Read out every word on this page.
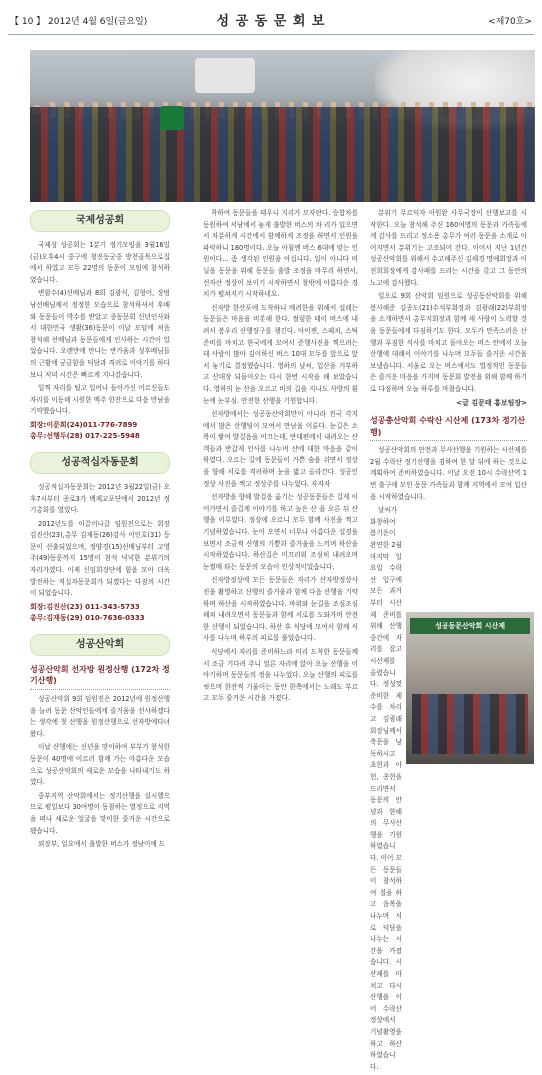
【 10 】 2012년 4월 6일(금요일)	성 공 동 문 회 보	<제70호>
국제성공회

국제성 성공회는 1분기 정기모임을 3월16일(금)오후4시 중구에 청진동궁중 방천골목으로집에서 하였고 모두 22명의 동문이 모임에 참석하였습니다.

변함수(4)선배님과 8회 김광식, 김형어, 장범남선배님께서 정정한 모습으로 참석하셔서 후배와 동문들이 박수를 받았고 종동문회 신년인사와서 대한민국 생활(36)동문이 이날 모임에 처음 참석해 선배님과 동문들에게 인사하는 시간이 있었습니다. 오랜만에 만나는 반가움과 성후배님들의 근황에 궁금함을 덕담과 격려로 이야기를 하다보니 저녁 시간은 빠르게 지나갔습니다.

일찍 자리를 털고 일어나 돌아가신 어르신들도 자리를 이동해 시원한 맥주 한잔으로 다음 만남을 기약했습니다.

회장:이문희(24)011-776-7899
총무:선행두(28) 017-225-5948
성공적십자동문회

성공적십자동문회는 2012년 3월22일(금) 오후7시부터 종로3가 백제교포단에서 2012년 정기총회를 열었다.

2012년도를 이끌어나갈 임원진으로는 회장 김진산(23),총무 김재동(26)감사 이인호(31) 등문이 선출되었으며, 정양경(15)선배님부터 고영주(49)동문까지 15명이 참석 넉넉한 분위기의 자리가였다. 이제 신임회장단에 힘을 모아 더욱 발전하는 적십자동문회가 되겠다는 다짐의 시간이 되었습니다.

회장:김진산(23) 011-343-5733
총무:김재동(29) 010-7636-0333
성공산악회
성공산악회 선자방 원정산행 (172차 정기산행)

성공산악회 9회 임원진은 2012년에 원정산행을 늘려 동문 산악인들에게 즐거움을 선사하겠다는 생각에 첫 산행을 원정산행으로 선자방에다녀왔다.

이날 산행에는 신년을 맞이하여 부부가 참석한 동문이 40명에 이르러 함께 가는 아름다운 모습으로 성공산악회의 새로운 모습을 나타내기도 하였다.

중부지역 산악회에서는 정기산행을 실시했으므로 평일보다 30여명이 동참하는 열정으로 지역을 떠나 새로운 얼굴을 맞이한 즐거운 시간으로 됐습니다.

외장부, 일요에서 출발한 버스가 정남이에 도

착하여 동문들을 태우니 지리가 모자란다. 승합차를 동원하여 서남에서 놓게 출발한 버스의 차 리가 있으면서 차분하게 시간에서 함께하게 조정을 하면서 인원을 파악하니 180명이다. 오늘 아침엔 버스 6대에 맞는 인원이다... 좀 생각된 인원을 아십니다. 일이 아니다 비닐을 동문을 위해 동문들 출발 조정을 마무리 하면서, 선자산 정상이 보이기 시작하면서 창밖에 아름다운 경치가 펼쳐지기 시작하네요.

선자방 한산포에 도착하니 매려한을 위해서 설레는 동문들은 마음을 비롯해 한다. 썰렁한 태이 버스에 내려서 봉우리 산행장구를 챙긴다. 아이젠, 스패치, 스틱 준비를 마치고 한국에게 모여서 준행사진을 찍으려는데 사람이 많아 김이하신 버스 10대 모두를 앞으로 앞서 놓기로 결정했습니다. 영하의 날씨, 입산을 거부하고 산대장 되돌아오는 다시 한번 시작을 해 보았습니다. 영하의 눈 산을 오르고 비의 길을 지나도 사방의 흰 눈에 눈부심. 안전한 산행을 기원합니다.

선자방에서는 성공동산악회만이 아니라 전국 각지에서 많은 산행팀이 모여서 만남을 이룬다. 눈길은 소복이 쌓여 발걸음을 이끄는데, 반대편에서 내려오는 산객들과 반갑게 인사를 나누며 산에 대한 마음을 같이 하였다. 오르는 길에 동문들이 가쁜 숨을 쉬면서 정상을 향해 서로를 격려하며 눈을 밟고 올라간다. 성공인 정상 사진을 찍고 정상주를 나누었다. 자자자

선자방을 향해 발걸음 옮기는 성공동문들은 길게 이어가면서 즐겁게 이야기를 하고 높은 산 을 오른 뒤 산행을 이루었다. 정상에 오르니 모두 함께 사진을 찍고 기념하였습니다. 눈이 오면서 너무나 아름다운 설경을 보면서 조금씩 산행의 기쁨과 즐거움을 느끼며 하산을 시작하였습니다. 하산길은 미끄러워 조심히 내려오며 눈썰매 타는 동문의 모습이 인상적이었습니다.

선자방정상에 모든 동문들은 자리가 산자방정상사진을 촬영하고 산행의 즐거움과 함께 다음 산행을 기약하며 하산을 시작하였습니다. 바위와 눈길을 조심조심 헤쳐 내려오면서 동문들과 함께 서로를 도와가며 안전한 산행이 되었습니다. 하산 후 식당에 모여서 함께 식사를 나누며 하루의 피로를 풀었습니다.

식당에서 자리를 준비하느라 미리 도착한 동문들께서 조금 기다려 주니 얼른 자리에 앉아 오늘 산행을 이야기하며 동문들의 정을 나누었다. 오늘 산행의 피로를 씻으며 한잔씩 기울이는 동안 한쪽에서는 노래도 부르고 모두 즐거운 시간을 가졌다.

분위기 무르익자 이원완 사무국장이 산행보고를 시작한다. 오늘 참석해 주신 160여명의 동문과 가족들에게 감사를 드리고 정소용 총무가 여러 동문을 소개로 이어지면서 분위기는 고조되어 간다. 이어서 지난 1년간 성공산악회를 위해서 수고해주신 김해경 명예회장과 이진희회장에게 감사패를 드리는 시간을 갖고 그 동안의 노고에 감사했다.

일오로 9회 산악회 임원으로 성공동산악회를 위해 봉사해준 김종도(21)수석부회장과 김광래(22)부회장을 소개하면서 총무지회장과 함께 새 사람이 노력할 것을 동문들에게 다짐하기도 한다. 모두가 만족스러운 산행과 푸짐한 식사를 마치고 돌아오는 버스 안에서 오늘 산행에 대해서 이야기를 나누며 모두들 즐거운 시간을 보냈습니다. 서울로 오는 버스에서도 열정적인 동문들은 즐거운 마음을 가지며 동문회 발전을 위해 함께 하기로 다짐하며 오늘 하루를 마쳤습니다.

<글 김문태 홍보팀장>
성공충산악회 수락산 시산제 (173차 정기산행)

성공산악회의 안전과 무사산행을 기원하는 시산제를 2월 수락산 정기산행을 겸하여 한 달 뒤에 하는 것으로 계획하여 준비하였습니다. 이날 오전 10시 수락산역 1번 출구에 모인 동문 가족들과 함께 지역에서 모여 입산을 시작하였습니다.

날씨가 화창하여 봄기운이 완연한 2월 마지막 일요일 수락산 입구에 모든 과거 부터 시산제 준비를 위해 산행 중간에 자리를 잡고 시산제를 올렸습니다. 정성껏 준비한 제수를 차리고 김광래 회장님께서 축문을 낭독하시고 초헌과 아헌, 종헌을 드리면서 동문의 안녕과 한해의 무사산행을 기원하였습니다. 이어 모든 동문들이 참석하여 절을 하고 음복을 나누며 서로 덕담을 나누는 시간을 가졌습니다. 시산제를 마치고 다시 산행을 이어 수락산 정상에서 기념촬영을 하고 하산하였습니다.

성공동문산악회 시산제
